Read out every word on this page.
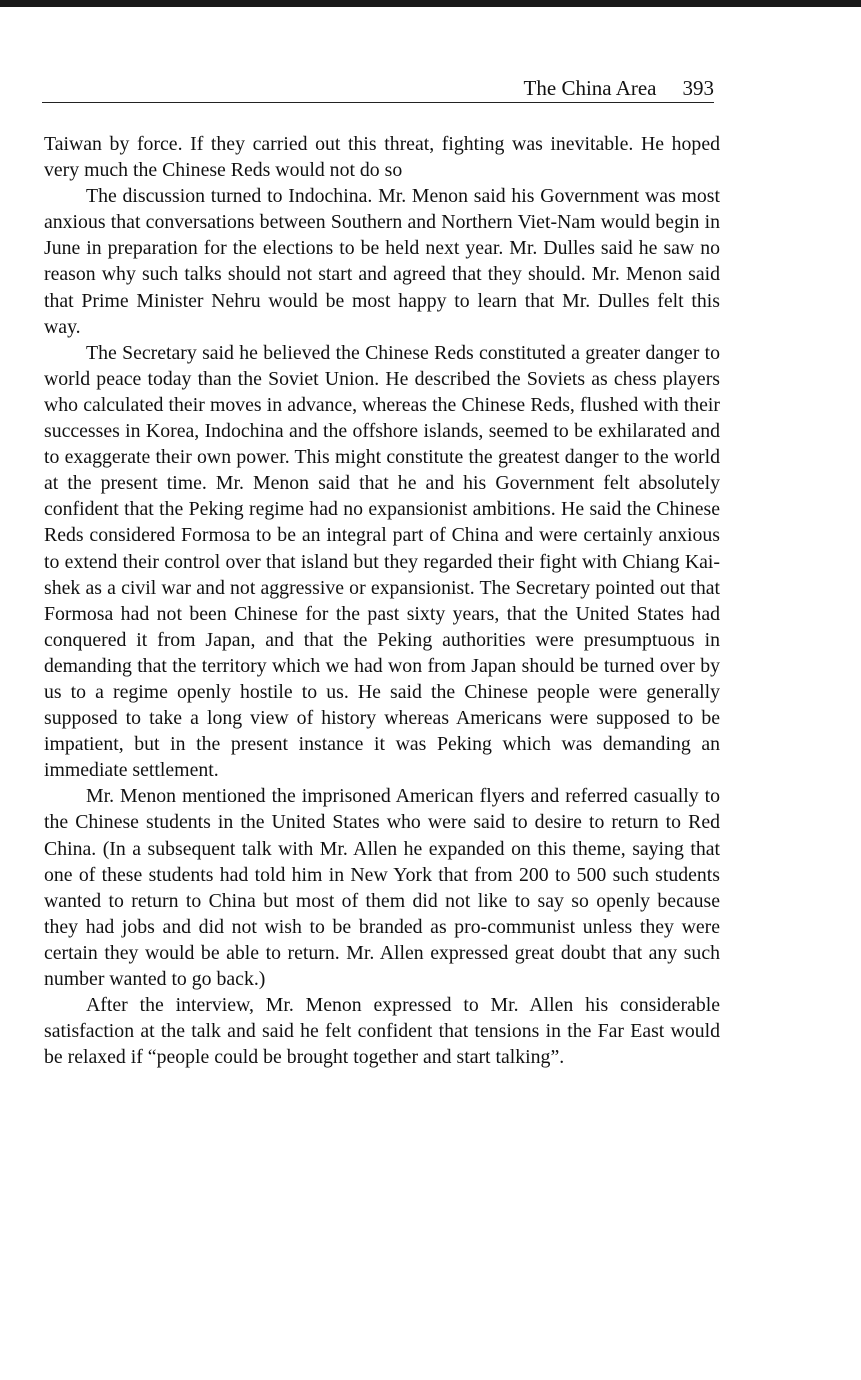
The China Area 393

Taiwan by force. If they carried out this threat, fighting was inevitable. He hoped very much the Chinese Reds would not do so

The discussion turned to Indochina. Mr. Menon said his Government was most anxious that conversations between Southern and Northern Viet-Nam would begin in June in preparation for the elections to be held next year. Mr. Dulles said he saw no reason why such talks should not start and agreed that they should. Mr. Menon said that Prime Minister Nehru would be most happy to learn that Mr. Dulles felt this way.

The Secretary said he believed the Chinese Reds constituted a greater danger to world peace today than the Soviet Union. He described the Soviets as chess players who calculated their moves in advance, whereas the Chinese Reds, flushed with their successes in Korea, Indochina and the offshore islands, seemed to be exhilarated and to exaggerate their own power. This might constitute the greatest danger to the world at the present time. Mr. Menon said that he and his Government felt absolutely confident that the Peking regime had no expansionist ambitions. He said the Chinese Reds considered Formosa to be an integral part of China and were certainly anxious to extend their control over that island but they regarded their fight with Chiang Kai-shek as a civil war and not aggressive or expansionist. The Secretary pointed out that Formosa had not been Chinese for the past sixty years, that the United States had conquered it from Japan, and that the Peking authorities were presumptuous in demanding that the territory which we had won from Japan should be turned over by us to a regime openly hostile to us. He said the Chinese people were generally supposed to take a long view of history whereas Americans were supposed to be impatient, but in the present instance it was Peking which was demanding an immediate settlement.

Mr. Menon mentioned the imprisoned American flyers and referred casually to the Chinese students in the United States who were said to desire to return to Red China. (In a subsequent talk with Mr. Allen he expanded on this theme, saying that one of these students had told him in New York that from 200 to 500 such students wanted to return to China but most of them did not like to say so openly because they had jobs and did not wish to be branded as pro-communist unless they were certain they would be able to return. Mr. Allen expressed great doubt that any such number wanted to go back.)

After the interview, Mr. Menon expressed to Mr. Allen his considerable satisfaction at the talk and said he felt confident that tensions in the Far East would be relaxed if “people could be brought together and start talking”.
